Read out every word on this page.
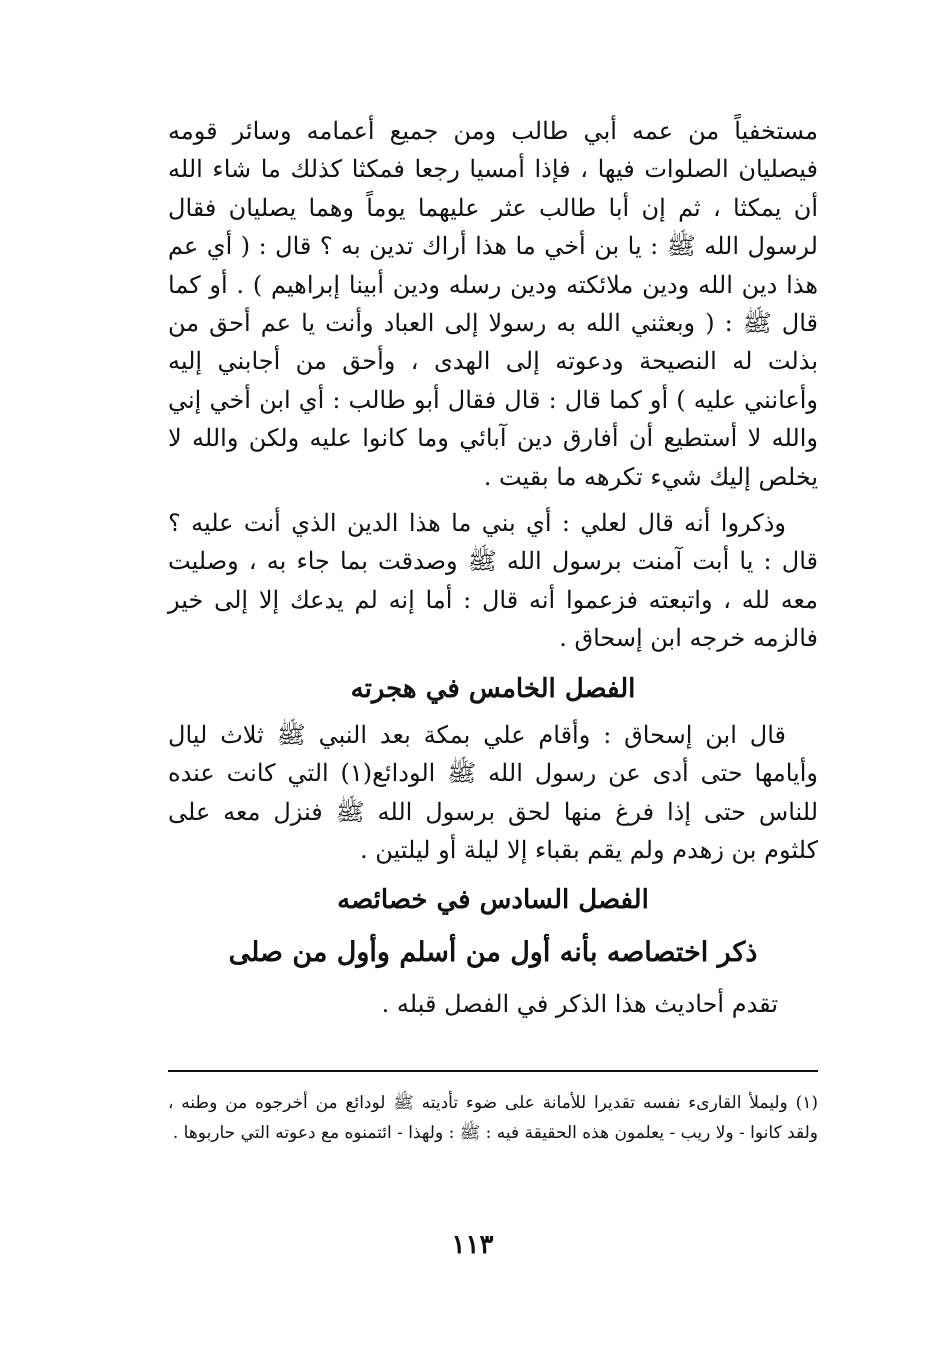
مستخفياً من عمه أبي طالب ومن جميع أعمامه وسائر قومه فيصليان الصلوات فيها ، فإذا أمسيا رجعا فمكثا كذلك ما شاء الله أن يمكثا ، ثم إن أبا طالب عثر عليهما يوماً وهما يصليان فقال لرسول الله ﷺ : يا بن أخي ما هذا أراك تدين به ؟ قال : ( أي عم هذا دين الله ودين ملائكته ودين رسله ودين أبينا إبراهيم ) . أو كما قال ﷺ : ( وبعثني الله به رسولا إلى العباد وأنت يا عم أحق من بذلت له النصيحة ودعوته إلى الهدى ، وأحق من أجابني إليه وأعانني عليه ) أو كما قال : قال فقال أبو طالب : أي ابن أخي إني والله لا أستطيع أن أفارق دين آبائي وما كانوا عليه ولكن والله لا يخلص إليك شيء تكرهه ما بقيت .

وذكروا أنه قال لعلي : أي بني ما هذا الدين الذي أنت عليه ؟ قال : يا أبت آمنت برسول الله ﷺ وصدقت بما جاء به ، وصليت معه لله ، واتبعته فزعموا أنه قال : أما إنه لم يدعك إلا إلى خير فالزمه خرجه ابن إسحاق .

الفصل الخامس في هجرته

قال ابن إسحاق : وأقام علي بمكة بعد النبي ﷺ ثلاث ليال وأيامها حتى أدى عن رسول الله ﷺ الودائع(١) التي كانت عنده للناس حتى إذا فرغ منها لحق برسول الله ﷺ فنزل معه على كلثوم بن زهدم ولم يقم بقباء إلا ليلة أو ليلتين .

الفصل السادس في خصائصه
ذكر اختصاصه بأنه أول من أسلم وأول من صلى

تقدم أحاديث هذا الذكر في الفصل قبله .

(١) وليملأ القارىء نفسه تقديرا للأمانة على ضوء تأديته ﷺ لودائع من أخرجوه من وطنه ، ولقد كانوا - ولا ريب - يعلمون هذه الحقيقة فيه : ﷺ : ولهذا - ائتمنوه مع دعوته التي حاربوها .

١١٣
